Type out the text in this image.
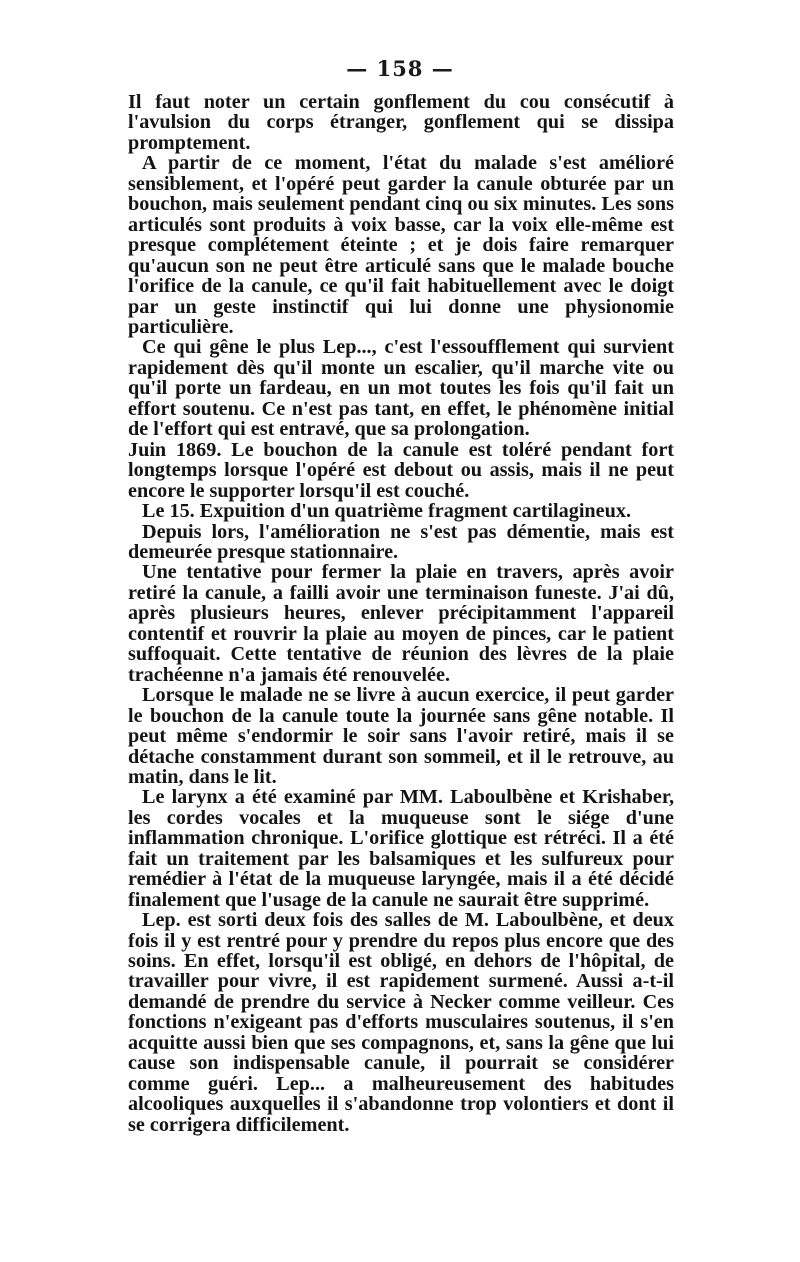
— 158 —

Il faut noter un certain gonflement du cou consécutif à l'avulsion du corps étranger, gonflement qui se dissipa promptement.

A partir de ce moment, l'état du malade s'est amélioré sensiblement, et l'opéré peut garder la canule obturée par un bouchon, mais seulement pendant cinq ou six minutes. Les sons articulés sont produits à voix basse, car la voix elle-même est presque complétement éteinte ; et je dois faire remarquer qu'aucun son ne peut être articulé sans que le malade bouche l'orifice de la canule, ce qu'il fait habituellement avec le doigt par un geste instinctif qui lui donne une physionomie particulière.

Ce qui gêne le plus Lep..., c'est l'essoufflement qui survient rapidement dès qu'il monte un escalier, qu'il marche vite ou qu'il porte un fardeau, en un mot toutes les fois qu'il fait un effort soutenu. Ce n'est pas tant, en effet, le phénomène initial de l'effort qui est entravé, que sa prolongation.

Juin 1869. Le bouchon de la canule est toléré pendant fort longtemps lorsque l'opéré est debout ou assis, mais il ne peut encore le supporter lorsqu'il est couché.

Le 15. Expuition d'un quatrième fragment cartilagineux.

Depuis lors, l'amélioration ne s'est pas démentie, mais est demeurée presque stationnaire.

Une tentative pour fermer la plaie en travers, après avoir retiré la canule, a failli avoir une terminaison funeste. J'ai dû, après plusieurs heures, enlever précipitamment l'appareil contentif et rouvrir la plaie au moyen de pinces, car le patient suffoquait. Cette tentative de réunion des lèvres de la plaie trachéenne n'a jamais été renouvelée.

Lorsque le malade ne se livre à aucun exercice, il peut garder le bouchon de la canule toute la journée sans gêne notable. Il peut même s'endormir le soir sans l'avoir retiré, mais il se détache constamment durant son sommeil, et il le retrouve, au matin, dans le lit.

Le larynx a été examiné par MM. Laboulbène et Krishaber, les cordes vocales et la muqueuse sont le siége d'une inflammation chronique. L'orifice glottique est rétréci. Il a été fait un traitement par les balsamiques et les sulfureux pour remédier à l'état de la muqueuse laryngée, mais il a été décidé finalement que l'usage de la canule ne saurait être supprimé.

Lep. est sorti deux fois des salles de M. Laboulbène, et deux fois il y est rentré pour y prendre du repos plus encore que des soins. En effet, lorsqu'il est obligé, en dehors de l'hôpital, de travailler pour vivre, il est rapidement surmené. Aussi a-t-il demandé de prendre du service à Necker comme veilleur. Ces fonctions n'exigeant pas d'efforts musculaires soutenus, il s'en acquitte aussi bien que ses compagnons, et, sans la gêne que lui cause son indispensable canule, il pourrait se considérer comme guéri. Lep... a malheureusement des habitudes alcooliques auxquelles il s'abandonne trop volontiers et dont il se corrigera difficilement.
